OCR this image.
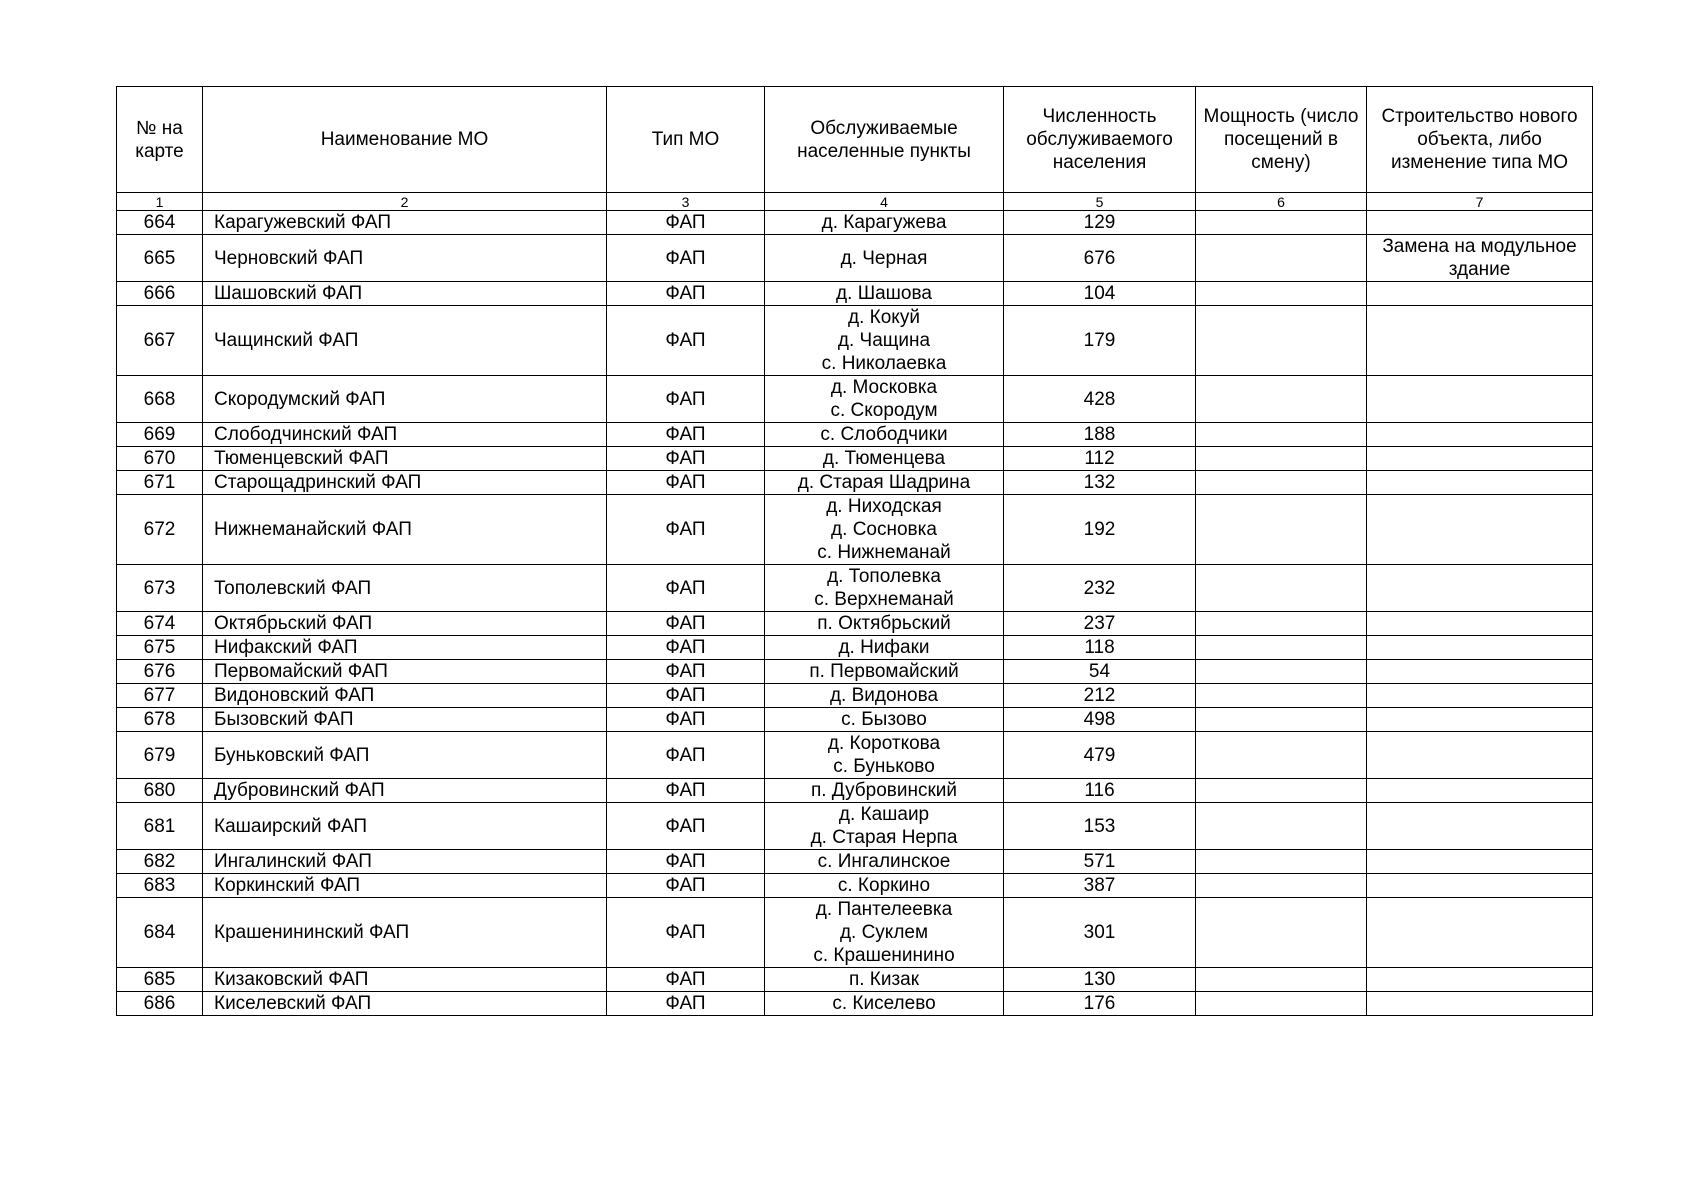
№ на карте	Наименование МО	Тип МО	Обслуживаемые населенные пункты	Численность обслуживаемого населения	Мощность (число посещений в смену)	Строительство нового объекта, либо изменение типа МО
1	2	3	4	5	6	7
664	Карагужевский ФАП	ФАП	д. Карагужева	129		
665	Черновский ФАП	ФАП	д. Черная	676		Замена на модульное здание
666	Шашовский ФАП	ФАП	д. Шашова	104		
667	Чащинский ФАП	ФАП	д. Кокуй
д. Чащина
с. Николаевка	179		
668	Скородумский ФАП	ФАП	д. Московка
с. Скородум	428		
669	Слободчинский ФАП	ФАП	с. Слободчики	188		
670	Тюменцевский ФАП	ФАП	д. Тюменцева	112		
671	Старощадринский ФАП	ФАП	д. Старая Шадрина	132		
672	Нижнеманайский ФАП	ФАП	д. Ниходская
д. Сосновка
с. Нижнеманай	192		
673	Тополевский ФАП	ФАП	д. Тополевка
с. Верхнеманай	232		
674	Октябрьский ФАП	ФАП	п. Октябрьский	237		
675	Нифакский ФАП	ФАП	д. Нифаки	118		
676	Первомайский ФАП	ФАП	п. Первомайский	54		
677	Видоновский ФАП	ФАП	д. Видонова	212		
678	Бызовский ФАП	ФАП	с. Бызово	498		
679	Буньковский ФАП	ФАП	д. Короткова
с. Буньково	479		
680	Дубровинский ФАП	ФАП	п. Дубровинский	116		
681	Кашаирский ФАП	ФАП	д. Кашаир
д. Старая Нерпа	153		
682	Ингалинский ФАП	ФАП	с. Ингалинское	571		
683	Коркинский ФАП	ФАП	с. Коркино	387		
684	Крашенининский ФАП	ФАП	д. Пантелеевка
д. Суклем
с. Крашенинино	301		
685	Кизаковский ФАП	ФАП	п. Кизак	130		
686	Киселевский ФАП	ФАП	с. Киселево	176		
